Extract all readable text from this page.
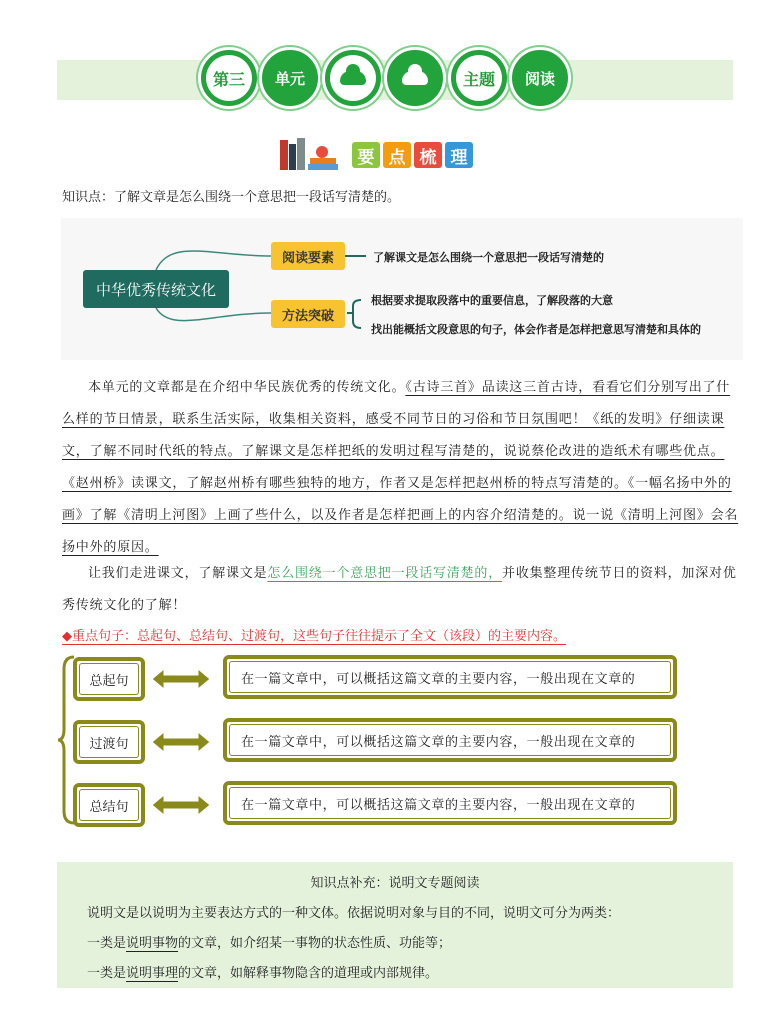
第三	单元	主题	阅读
要 点 梳 理
知识点：了解文章是怎么围绕一个意思把一段话写清楚的。
中华优秀传统文化
阅读要素
方法突破
了解课文是怎么围绕一个意思把一段话写清楚的
根据要求提取段落中的重要信息，了解段落的大意
找出能概括文段意思的句子，体会作者是怎样把意思写清楚和具体的
本单元的文章都是在介绍中华民族优秀的传统文化。《古诗三首》品读这三首古诗，看看它们分别写出了什么样的节日情景，联系生活实际，收集相关资料，感受不同节日的习俗和节日氛围吧！《纸的发明》仔细读课文，了解不同时代纸的特点。了解课文是怎样把纸的发明过程写清楚的，说说蔡伦改进的造纸术有哪些优点。《赵州桥》读课文，了解赵州桥有哪些独特的地方，作者又是怎样把赵州桥的特点写清楚的。《一幅名扬中外的画》了解《清明上河图》上画了些什么，以及作者是怎样把画上的内容介绍清楚的。说一说《清明上河图》会名扬中外的原因。
让我们走进课文，了解课文是怎么围绕一个意思把一段话写清楚的，并收集整理传统节日的资料，加深对优秀传统文化的了解！
◆重点句子：总起句、总结句、过渡句，这些句子往往提示了全文（该段）的主要内容。
总起句	在一篇文章中，可以概括这篇文章的主要内容，一般出现在文章的
过渡句	在一篇文章中，可以概括这篇文章的主要内容，一般出现在文章的
总结句	在一篇文章中，可以概括这篇文章的主要内容，一般出现在文章的
知识点补充：说明文专题阅读
说明文是以说明为主要表达方式的一种文体。依据说明对象与目的不同，说明文可分为两类：
一类是说明事物的文章，如介绍某一事物的状态性质、功能等；
一类是说明事理的文章，如解释事物隐含的道理或内部规律。
